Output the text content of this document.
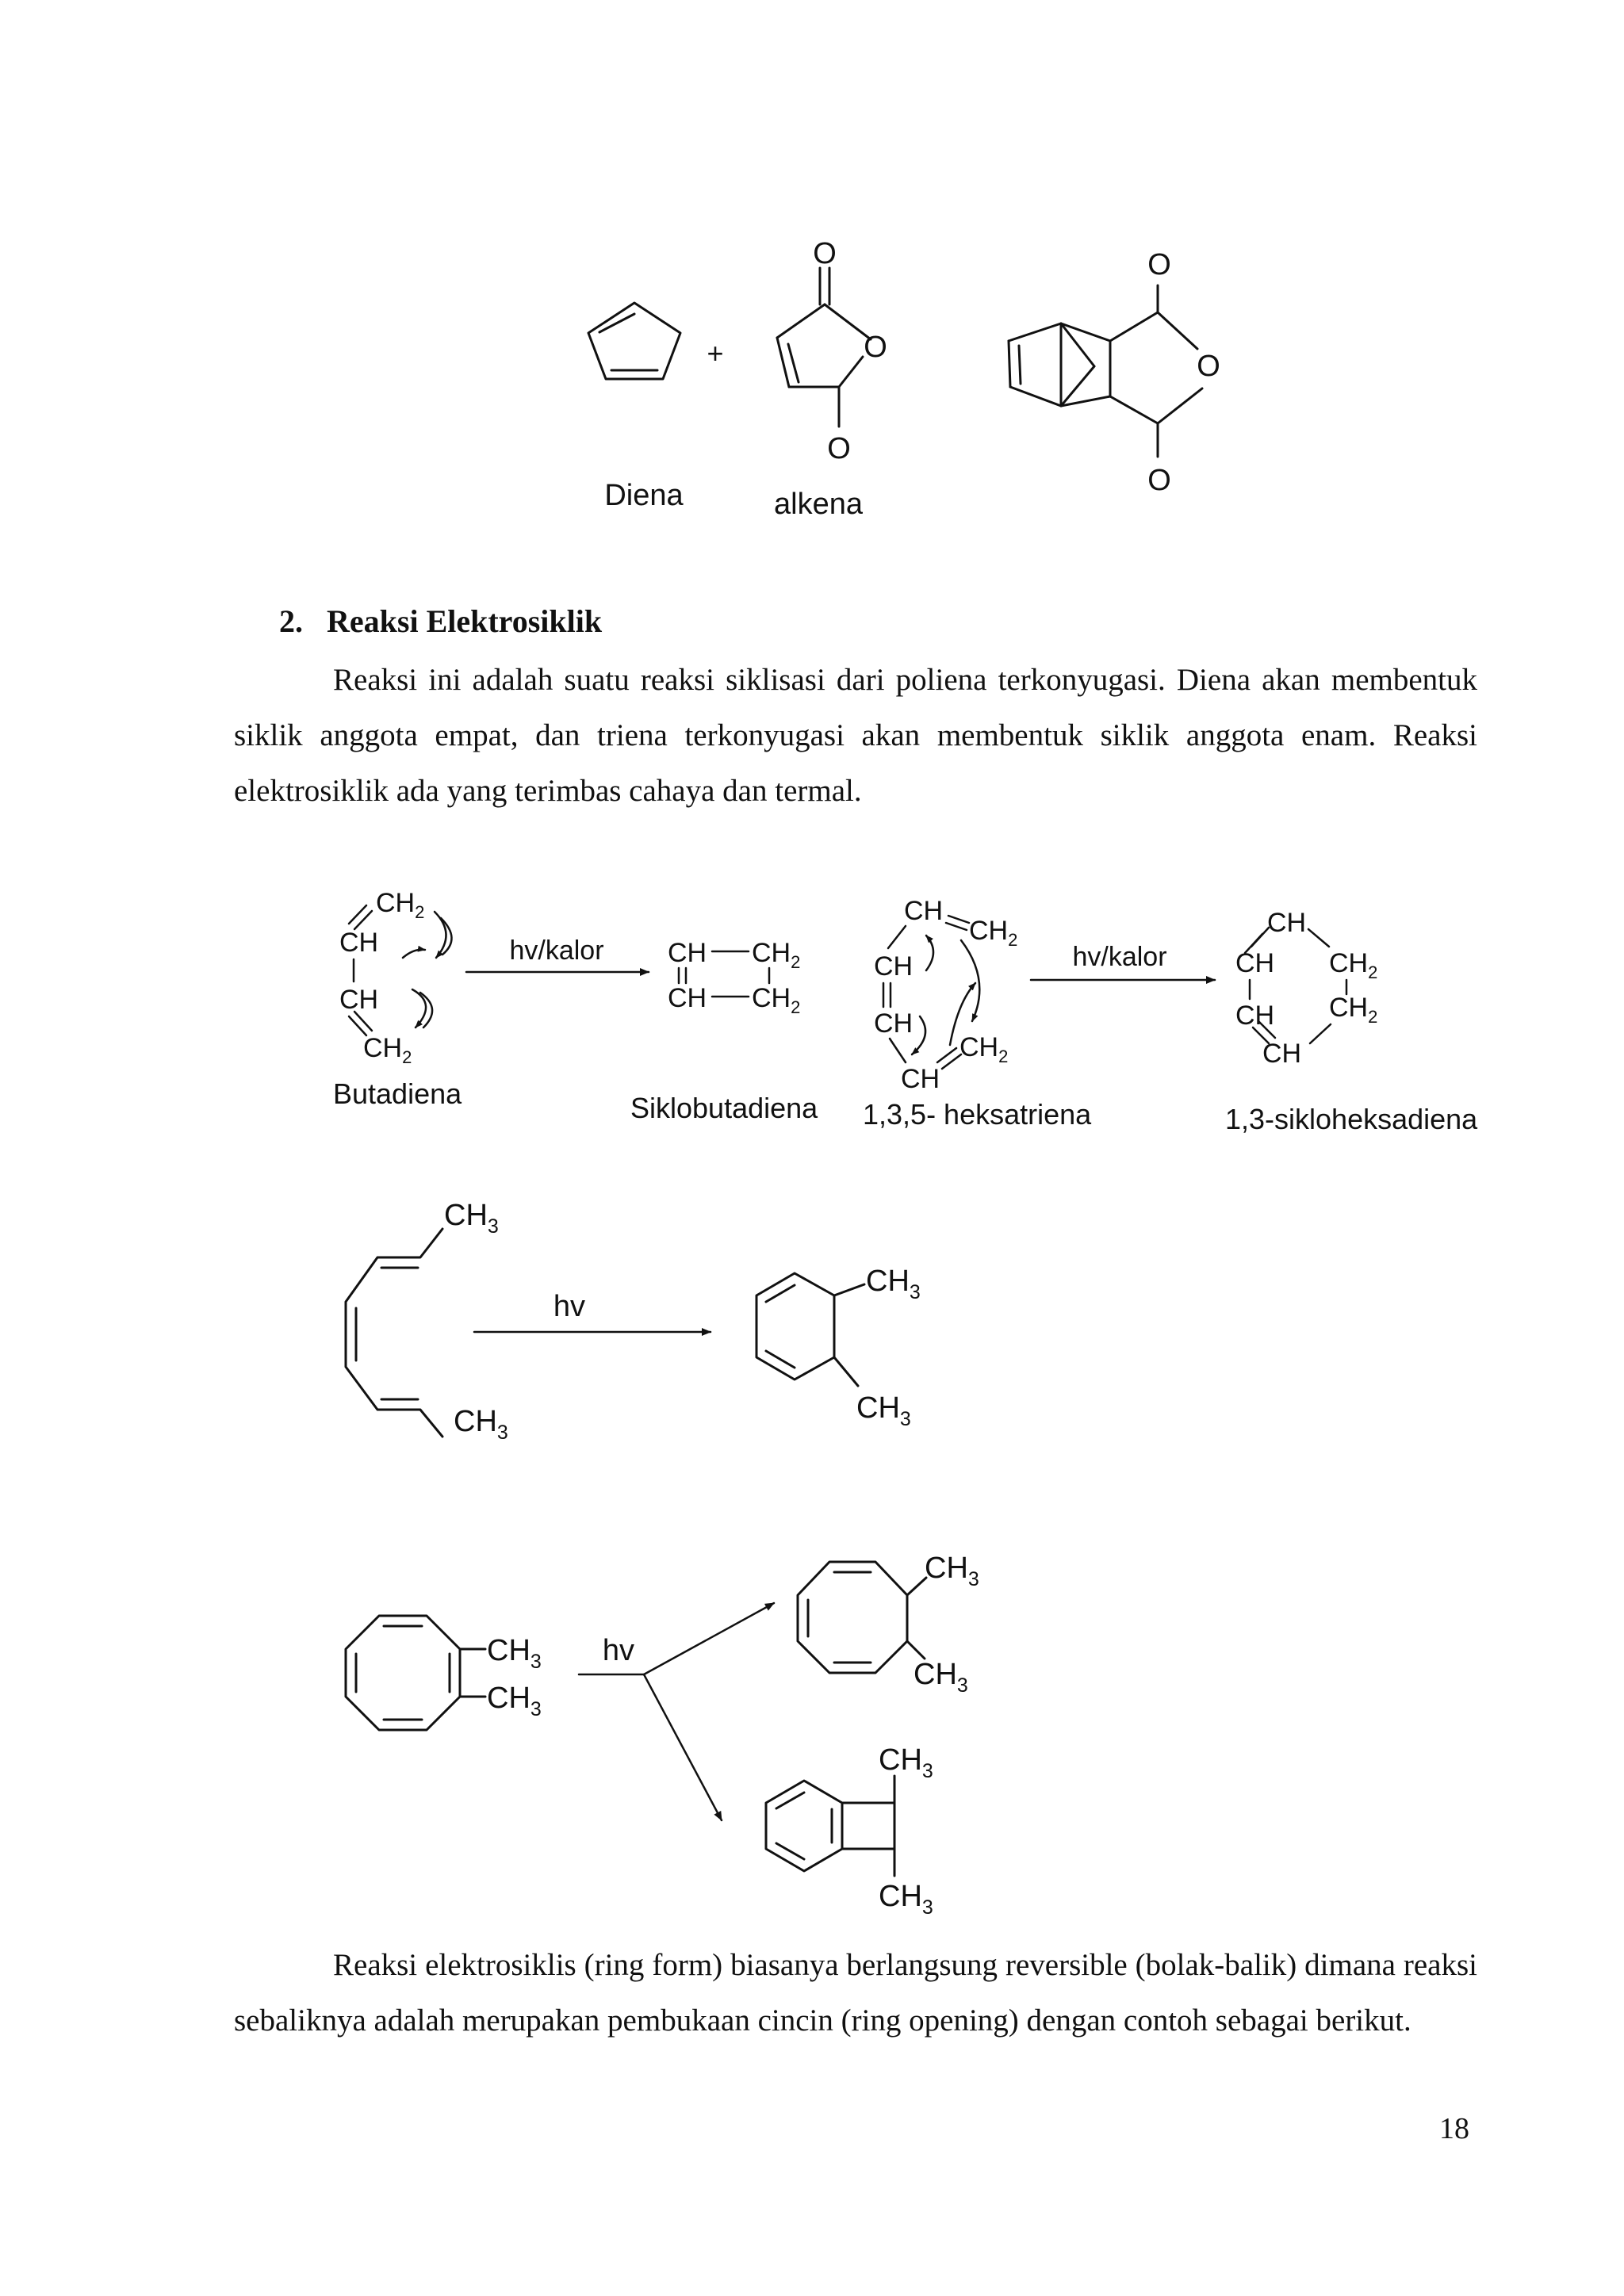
+
O
O
O
Diena	alkena
O
O
O
$CH_2$
CH
CH
$CH_2$
Butadiena
hv/kalor CH $CH_2$
CH $CH_2$
Siklobutadiena
CH
$CH_2$
CH
CH
CH
$CH_2$
1,3,5- heksatriena
hv/kalor
CH
CH $CH_2$
CH $CH_2$
CH
1,3-sikloheksadiena
$CH_3$
$CH_3$
hv
$CH_3$
$CH_3$
$CH_3$
$CH_3$
hv
$CH_3$
$CH_3$
$CH_3$
$CH_3$
2. Reaksi Elektrosiklik

Reaksi ini adalah suatu reaksi siklisasi dari poliena terkonyugasi. Diena akan membentuk siklik anggota empat, dan triena terkonyugasi akan membentuk siklik anggota enam. Reaksi elektrosiklik ada yang terimbas cahaya dan termal.

Reaksi elektrosiklis (ring form) biasanya berlangsung reversible (bolak-balik) dimana reaksi sebaliknya adalah merupakan pembukaan cincin (ring opening) dengan contoh sebagai berikut.

18
